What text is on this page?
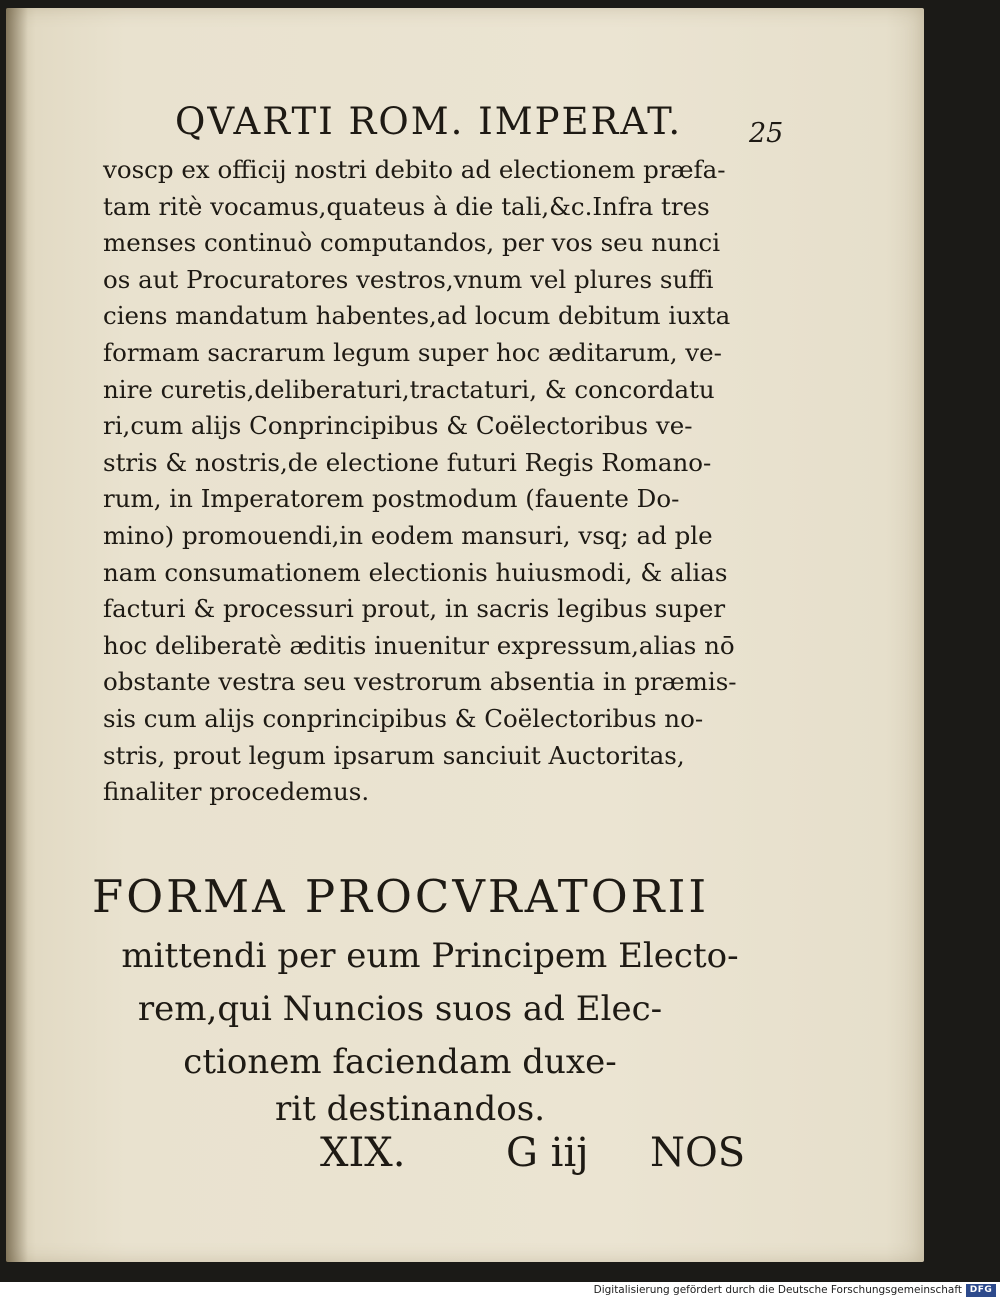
QVARTI ROM. IMPERAT. 25
voscp ex officij nostri debito ad electionem præfa-
tam ritè vocamus,quateus à die tali,&c.Infra tres
menses continuò computandos, per vos seu nunci
os aut Procuratores vestros,vnum vel plures suffi
ciens mandatum habentes,ad locum debitum iuxta
formam sacrarum legum super hoc æditarum, ve-
nire curetis,deliberaturi,tractaturi, & concordatu
ri,cum alijs Conprincipibus & Coëlectoribus ve-
stris & nostris,de electione futuri Regis Romano-
rum, in Imperatorem postmodum (fauente Do-
mino) promouendi,in eodem mansuri, vsq; ad ple
nam consumationem electionis huiusmodi, & alias
facturi & processuri prout, in sacris legibus super
hoc deliberatè æditis inuenitur expressum,alias nō
obstante vestra seu vestrorum absentia in præmis-
sis cum alijs conprincipibus & Coëlectoribus no-
stris, prout legum ipsarum sanciuit Auctoritas,
finaliter procedemus.
FORMA PROCVRATORII
mittendi per eum Principem Electo-
rem,qui Nuncios suos ad Elec-
ctionem faciendam duxe-
rit destinandos.
XIX.	G iij NOS
Digitalisierung gefördert durch die Deutsche Forschungsgemeinschaft DFG
